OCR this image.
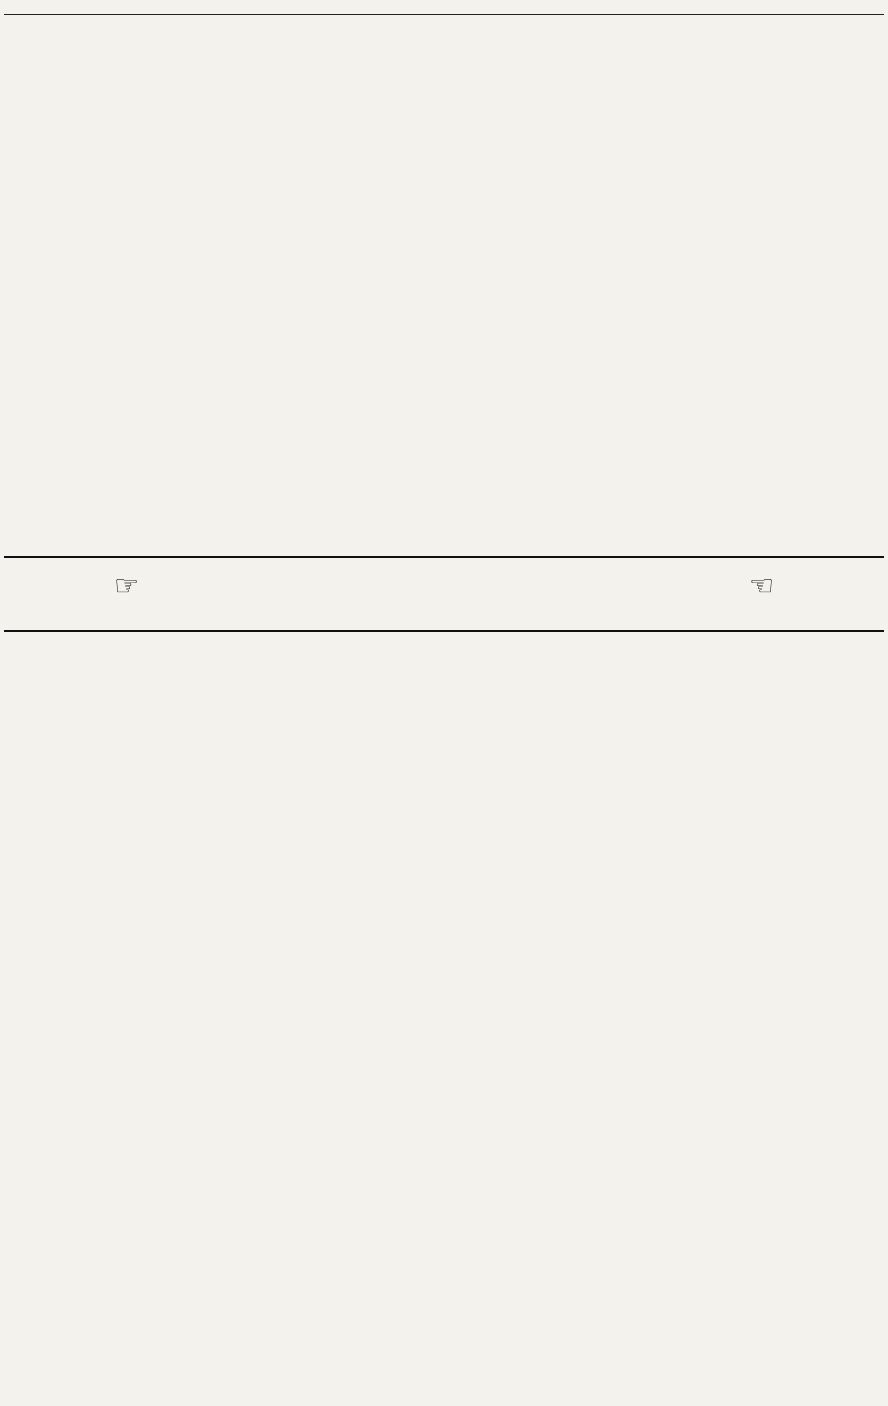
☞	☞
